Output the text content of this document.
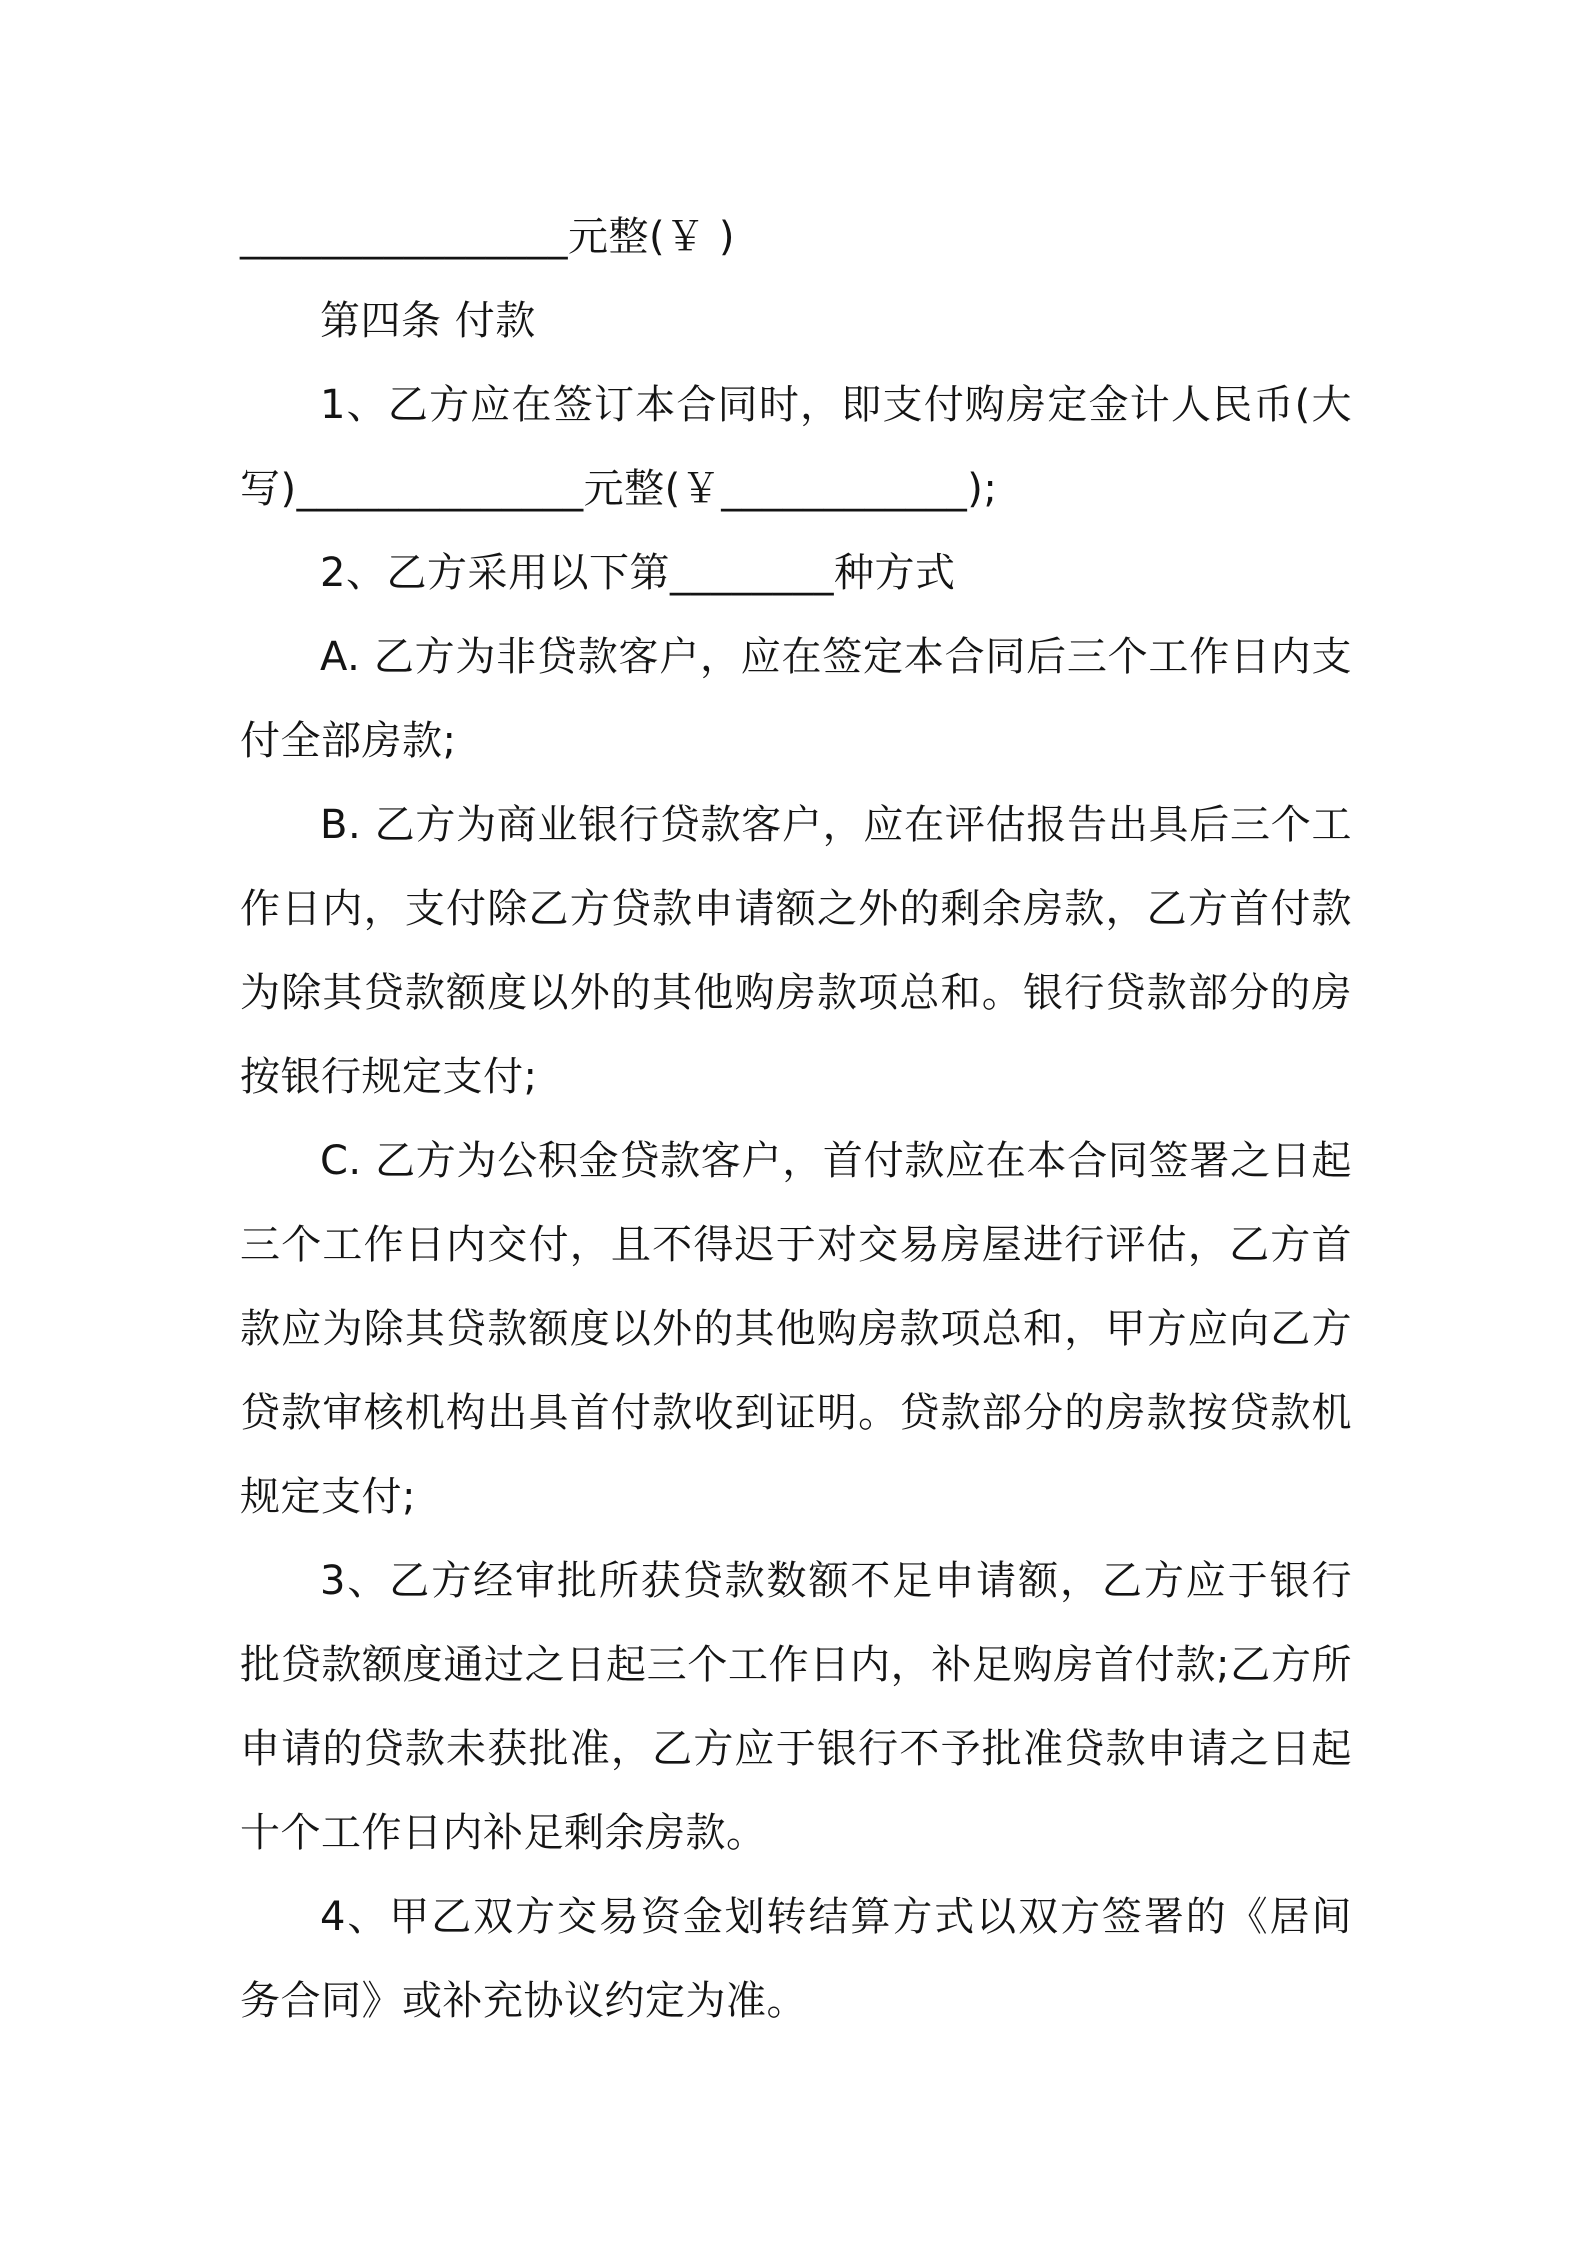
________________元整(￥ )
第四条 付款
1、乙方应在签订本合同时，即支付购房定金计人民币(大
写)______________元整(￥____________);
2、乙方采用以下第________种方式
A. 乙方为非贷款客户，应在签定本合同后三个工作日内支
付全部房款;
B. 乙方为商业银行贷款客户，应在评估报告出具后三个工
作日内，支付除乙方贷款申请额之外的剩余房款，乙方首付款
为除其贷款额度以外的其他购房款项总和。银行贷款部分的房
按银行规定支付;
C. 乙方为公积金贷款客户，首付款应在本合同签署之日起
三个工作日内交付，且不得迟于对交易房屋进行评估，乙方首
款应为除其贷款额度以外的其他购房款项总和，甲方应向乙方
贷款审核机构出具首付款收到证明。贷款部分的房款按贷款机
规定支付;
3、乙方经审批所获贷款数额不足申请额，乙方应于银行
批贷款额度通过之日起三个工作日内，补足购房首付款;乙方所
申请的贷款未获批准，乙方应于银行不予批准贷款申请之日起
十个工作日内补足剩余房款。
4、甲乙双方交易资金划转结算方式以双方签署的《居间
务合同》或补充协议约定为准。
